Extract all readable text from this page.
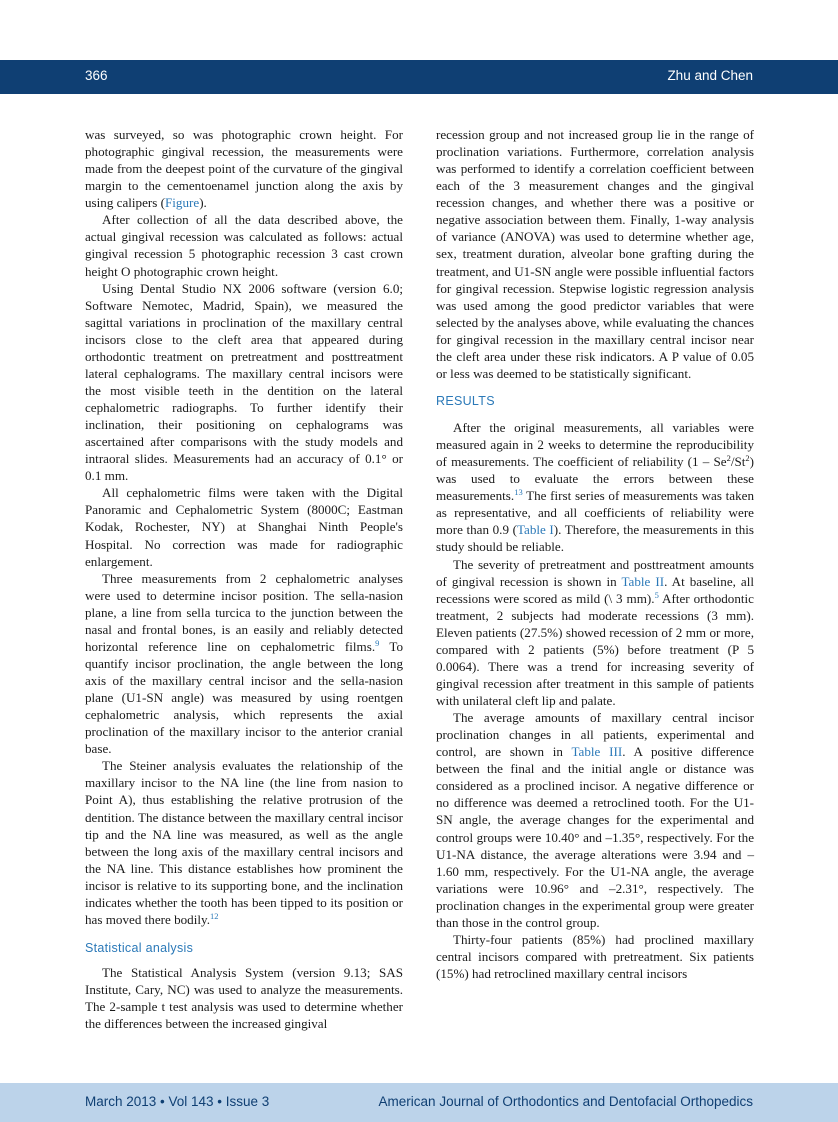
366	Zhu and Chen

was surveyed, so was photographic crown height. For photographic gingival recession, the measurements were made from the deepest point of the curvature of the gingival margin to the cementoenamel junction along the axis by using calipers (Figure).

After collection of all the data described above, the actual gingival recession was calculated as follows: actual gingival recession 5 photographic recession 3 cast crown height O photographic crown height.

Using Dental Studio NX 2006 software (version 6.0; Software Nemotec, Madrid, Spain), we measured the sagittal variations in proclination of the maxillary central incisors close to the cleft area that appeared during orthodontic treatment on pretreatment and posttreatment lateral cephalograms. The maxillary central incisors were the most visible teeth in the dentition on the lateral cephalometric radiographs. To further identify their inclination, their positioning on cephalograms was ascertained after comparisons with the study models and intraoral slides. Measurements had an accuracy of 0.1° or 0.1 mm.

All cephalometric films were taken with the Digital Panoramic and Cephalometric System (8000C; Eastman Kodak, Rochester, NY) at Shanghai Ninth People's Hospital. No correction was made for radiographic enlargement.

Three measurements from 2 cephalometric analyses were used to determine incisor position. The sella-nasion plane, a line from sella turcica to the junction between the nasal and frontal bones, is an easily and reliably detected horizontal reference line on cephalometric films.$^9$ To quantify incisor proclination, the angle between the long axis of the maxillary central incisor and the sella-nasion plane (U1-SN angle) was measured by using roentgen cephalometric analysis, which represents the axial proclination of the maxillary incisor to the anterior cranial base.

The Steiner analysis evaluates the relationship of the maxillary incisor to the NA line (the line from nasion to Point A), thus establishing the relative protrusion of the dentition. The distance between the maxillary central incisor tip and the NA line was measured, as well as the angle between the long axis of the maxillary central incisors and the NA line. This distance establishes how prominent the incisor is relative to its supporting bone, and the inclination indicates whether the tooth has been tipped to its position or has moved there bodily.$^{12}$

Statistical analysis

The Statistical Analysis System (version 9.13; SAS Institute, Cary, NC) was used to analyze the measurements. The 2-sample t test analysis was used to determine whether the differences between the increased gingival

recession group and not increased group lie in the range of proclination variations. Furthermore, correlation analysis was performed to identify a correlation coefficient between each of the 3 measurement changes and the gingival recession changes, and whether there was a positive or negative association between them. Finally, 1-way analysis of variance (ANOVA) was used to determine whether age, sex, treatment duration, alveolar bone grafting during the treatment, and U1-SN angle were possible influential factors for gingival recession. Stepwise logistic regression analysis was used among the good predictor variables that were selected by the analyses above, while evaluating the chances for gingival recession in the maxillary central incisor near the cleft area under these risk indicators. A P value of 0.05 or less was deemed to be statistically significant.

RESULTS

After the original measurements, all variables were measured again in 2 weeks to determine the reproducibility of measurements. The coefficient of reliability (1 – Se$^2$/St$^2$) was used to evaluate the errors between these measurements.$^{13}$ The first series of measurements was taken as representative, and all coefficients of reliability were more than 0.9 (Table I). Therefore, the measurements in this study should be reliable.

The severity of pretreatment and posttreatment amounts of gingival recession is shown in Table II. At baseline, all recessions were scored as mild (\ 3 mm).$^5$ After orthodontic treatment, 2 subjects had moderate recessions (3 mm). Eleven patients (27.5%) showed recession of 2 mm or more, compared with 2 patients (5%) before treatment (P 5 0.0064). There was a trend for increasing severity of gingival recession after treatment in this sample of patients with unilateral cleft lip and palate.

The average amounts of maxillary central incisor proclination changes in all patients, experimental and control, are shown in Table III. A positive difference between the final and the initial angle or distance was considered as a proclined incisor. A negative difference or no difference was deemed a retroclined tooth. For the U1-SN angle, the average changes for the experimental and control groups were 10.40° and –1.35°, respectively. For the U1-NA distance, the average alterations were 3.94 and –1.60 mm, respectively. For the U1-NA angle, the average variations were 10.96° and –2.31°, respectively. The proclination changes in the experimental group were greater than those in the control group.

Thirty-four patients (85%) had proclined maxillary central incisors compared with pretreatment. Six patients (15%) had retroclined maxillary central incisors

March 2013 • Vol 143 • Issue 3	American Journal of Orthodontics and Dentofacial Orthopedics
